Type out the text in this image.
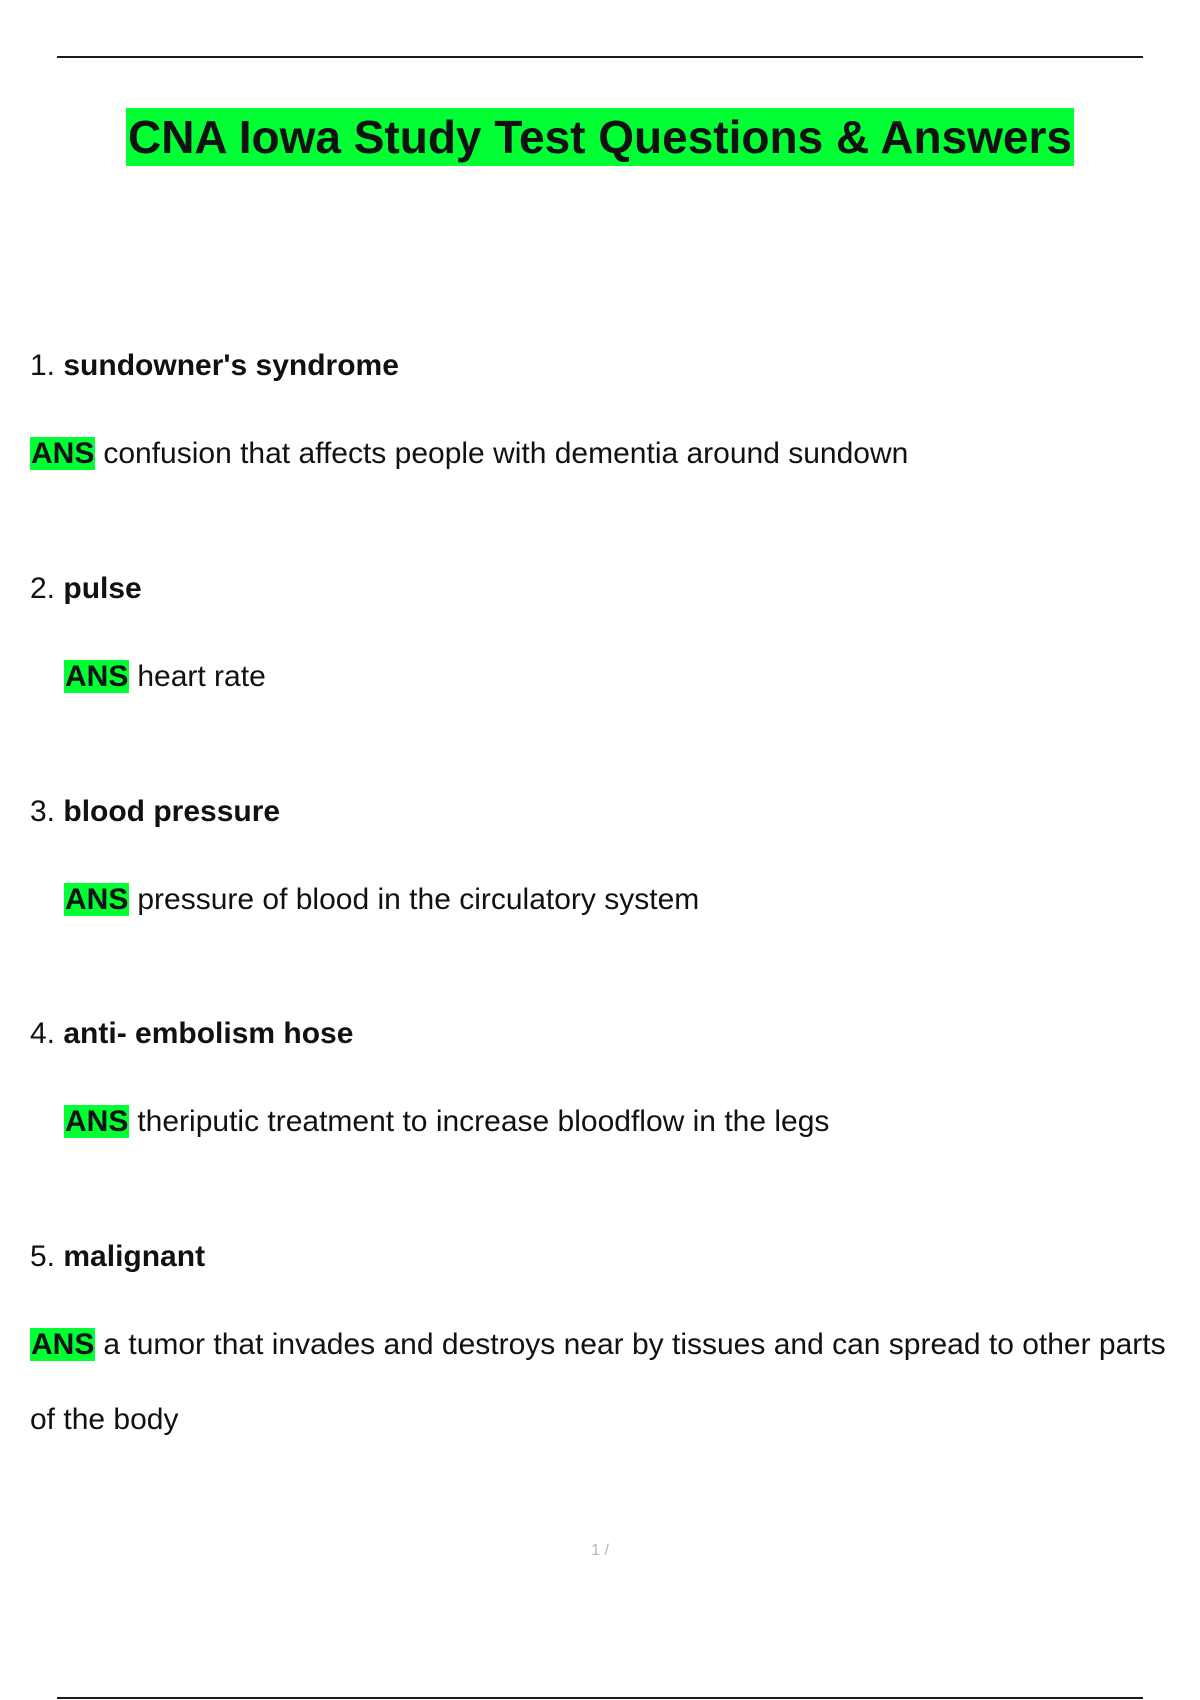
CNA Iowa Study Test Questions & Answers
1. sundowner's syndrome
ANS confusion that affects people with dementia around sundown
2. pulse
ANS heart rate
3. blood pressure
ANS pressure of blood in the circulatory system
4. anti- embolism hose
ANS theriputic treatment to increase bloodflow in the legs
5. malignant
ANS a tumor that invades and destroys near by tissues and can spread to other parts of the body
1 /
